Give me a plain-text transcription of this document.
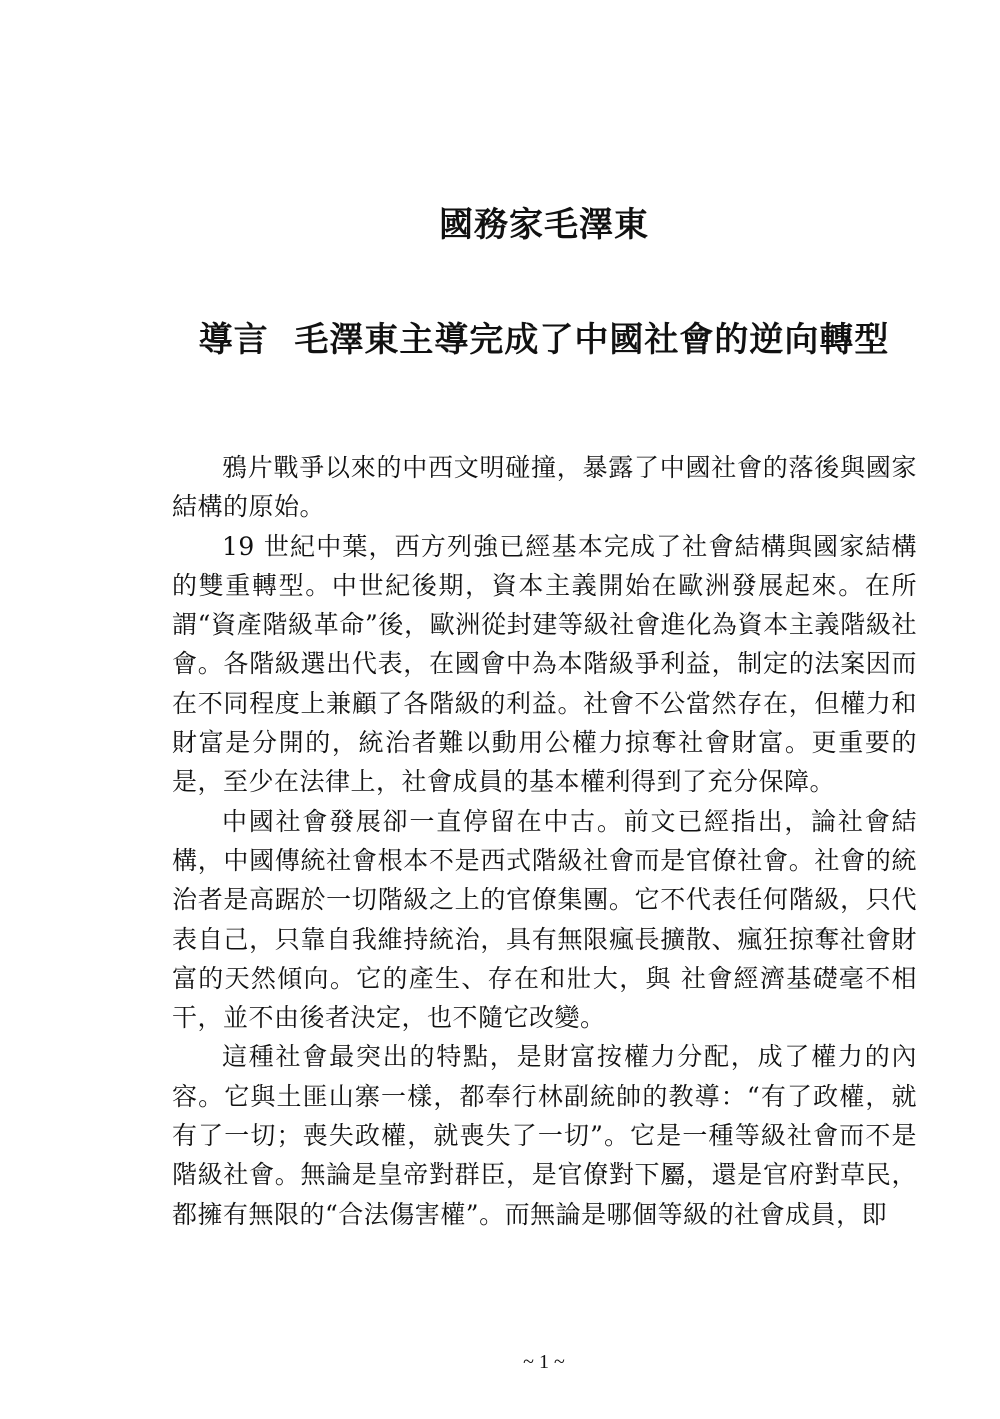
國務家毛澤東
導言  毛澤東主導完成了中國社會的逆向轉型

鴉片戰爭以來的中西文明碰撞，暴露了中國社會的落後與國家結構的原始。

19 世紀中葉，西方列強已經基本完成了社會結構與國家結構的雙重轉型。中世紀後期，資本主義開始在歐洲發展起來。在所謂“資產階級革命”後，歐洲從封建等級社會進化為資本主義階級社會。各階級選出代表，在國會中為本階級爭利益，制定的法案因而在不同程度上兼顧了各階級的利益。社會不公當然存在，但權力和財富是分開的，統治者難以動用公權力掠奪社會財富。更重要的是，至少在法律上，社會成員的基本權利得到了充分保障。

中國社會發展卻一直停留在中古。前文已經指出，論社會結構，中國傳統社會根本不是西式階級社會而是官僚社會。社會的統治者是高踞於一切階級之上的官僚集團。它不代表任何階級，只代表自己，只靠自我維持統治，具有無限瘋長擴散、瘋狂掠奪社會財富的天然傾向。它的產生、存在和壯大，與 社會經濟基礎毫不相干，並不由後者決定，也不隨它改變。

這種社會最突出的特點，是財富按權力分配，成了權力的內容。它與土匪山寨一樣，都奉行林副統帥的教導：“有了政權，就有了一切；喪失政權，就喪失了一切”。它是一種等級社會而不是階級社會。無論是皇帝對群臣，是官僚對下屬，還是官府對草民，都擁有無限的“合法傷害權”。而無論是哪個等級的社會成員，即

~ 1 ~
